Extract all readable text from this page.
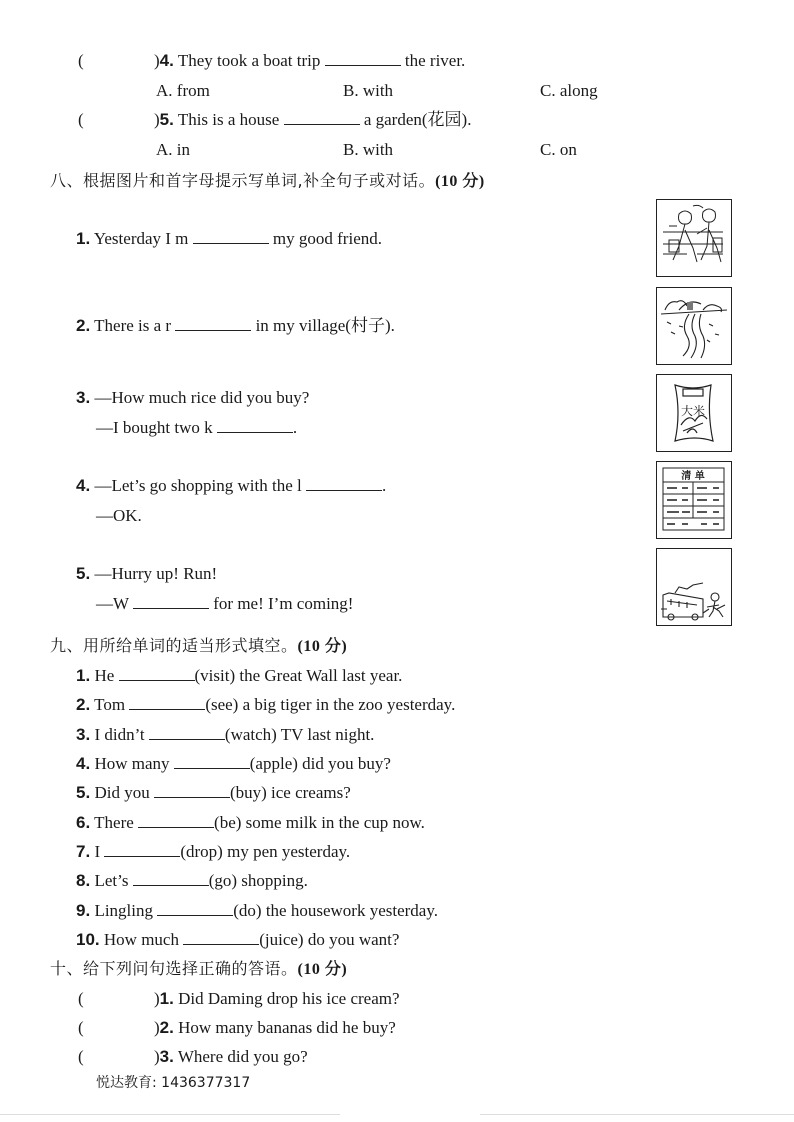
(	)4. They took a boat trip	the river.
A. from	B. with	C. along
(	)5. This is a house	a garden(花园).
A. in	B. with	C. on
八、根据图片和首字母提示写单词,补全句子或对话。(10 分)
1. Yesterday I m	my good friend.
2. There is a r	in my village(村子).
3. —How much rice did you buy?
—I bought two k	.
4. —Let’s go shopping with the l	.
—OK.
5. —Hurry up! Run!
—W	for me! I’m coming!
大米
清 单
九、用所给单词的适当形式填空。(10 分)
1. He	(visit) the Great Wall last year.
2. Tom	(see) a big tiger in the zoo yesterday.
3. I didn’t	(watch) TV last night.
4. How many	(apple) did you buy?
5. Did you	(buy) ice creams?
6. There	(be) some milk in the cup now.
7. I	(drop) my pen yesterday.
8. Let’s	(go) shopping.
9. Lingling	(do) the housework yesterday.
10. How much	(juice) do you want?
十、给下列问句选择正确的答语。(10 分)
(	)1. Did Daming drop his ice cream?
(	)2. How many bananas did he buy?
(	)3. Where did you go?
悦达教育: 1436377317
